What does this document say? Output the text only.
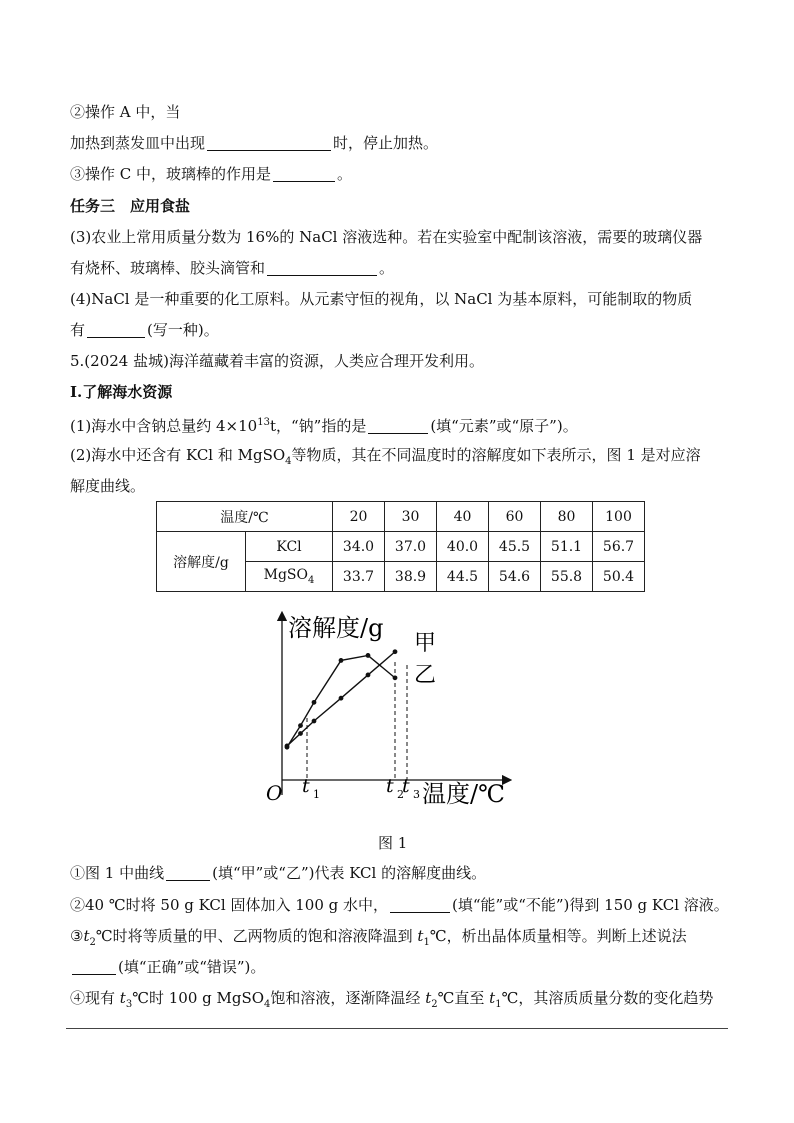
②操作 A 中，当
加热到蒸发皿中出现	时，停止加热。
③操作 C 中，玻璃棒的作用是	。
任务三　应用食盐
(3)农业上常用质量分数为 16%的 NaCl 溶液选种。若在实验室中配制该溶液，需要的玻璃仪器
有烧杯、玻璃棒、胶头滴管和	。
(4)NaCl 是一种重要的化工原料。从元素守恒的视角，以 NaCl 为基本原料，可能制取的物质
有	(写一种)。
5.(2024 盐城)海洋蕴藏着丰富的资源，人类应合理开发利用。
Ⅰ.了解海水资源
(1)海水中含钠总量约 $4\times 10^{13}t$，“钠”指的是	(填“元素”或“原子”)。
(2)海水中还含有 KCl 和 MgSO$_4$等物质，其在不同温度时的溶解度如下表所示，图 1 是对应溶
解度曲线。
温度/℃		20	30	40	60	80	100
溶解度/g	KCl	34.0	37.0	40.0	45.5	51.1	56.7
	MgSO$_4$	33.7	38.9	44.5	54.6	55.8	50.4
溶解度/g
温度/℃
O
甲
乙
t 1	t 2
t 3
图 1
①图 1 中曲线	(填“甲”或“乙”)代表 KCl 的溶解度曲线。
②40 ℃时将 50 g KCl 固体加入 100 g 水中，	(填“能”或“不能”)得到 150 g KCl 溶液。
$③t_2℃$时将等质量的甲、乙两物质的饱和溶液降温到 $t_1℃$，析出晶体质量相等。判断上述说法
(填“正确”或“错误”)。
④现有 $t_3℃$时 100 g MgSO$_4$饱和溶液，逐渐降温经 $t_2℃$直至 $t_1℃$，其溶质质量分数的变化趋势
